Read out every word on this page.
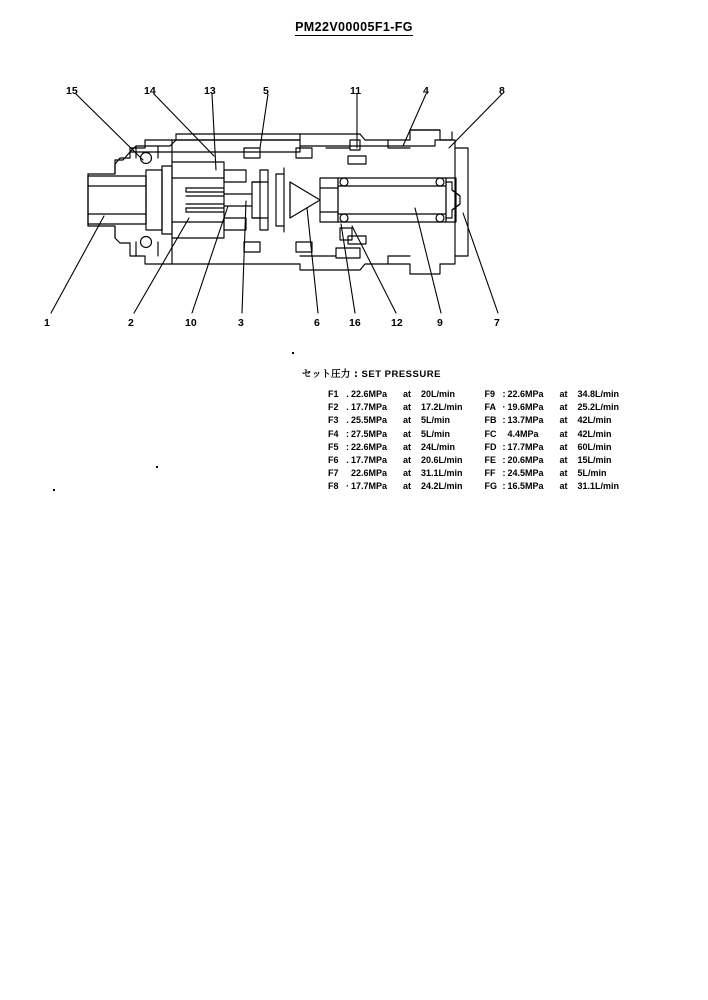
PM22V00005F1-FG
15	14	13	5	11	4	8
1	2	10	3	6	16	12	9	7
セット圧力 : SET PRESSURE
F1 . 22.6MPa	at	20L/min
F2 . 17.7MPa	at	17.2L/min
F3 . 25.5MPa	at	5L/min
F4 : 27.5MPa	at	5L/min
F5 : 22.6MPa	at	24L/min
F6 . 17.7MPa	at	20.6L/min
F7	22.6MPa	at	31.1L/min
F8 · 17.7MPa	at	24.2L/min
F9 : 22.6MPa	at	34.8L/min
FA · 19.6MPa	at	25.2L/min
FB : 13.7MPa	at	42L/min
FC	4.4MPa	at	42L/min
FD : 17.7MPa	at	60L/min
FE : 20.6MPa	at	15L/min
FF : 24.5MPa	at	5L/min
FG : 16.5MPa	at	31.1L/min
